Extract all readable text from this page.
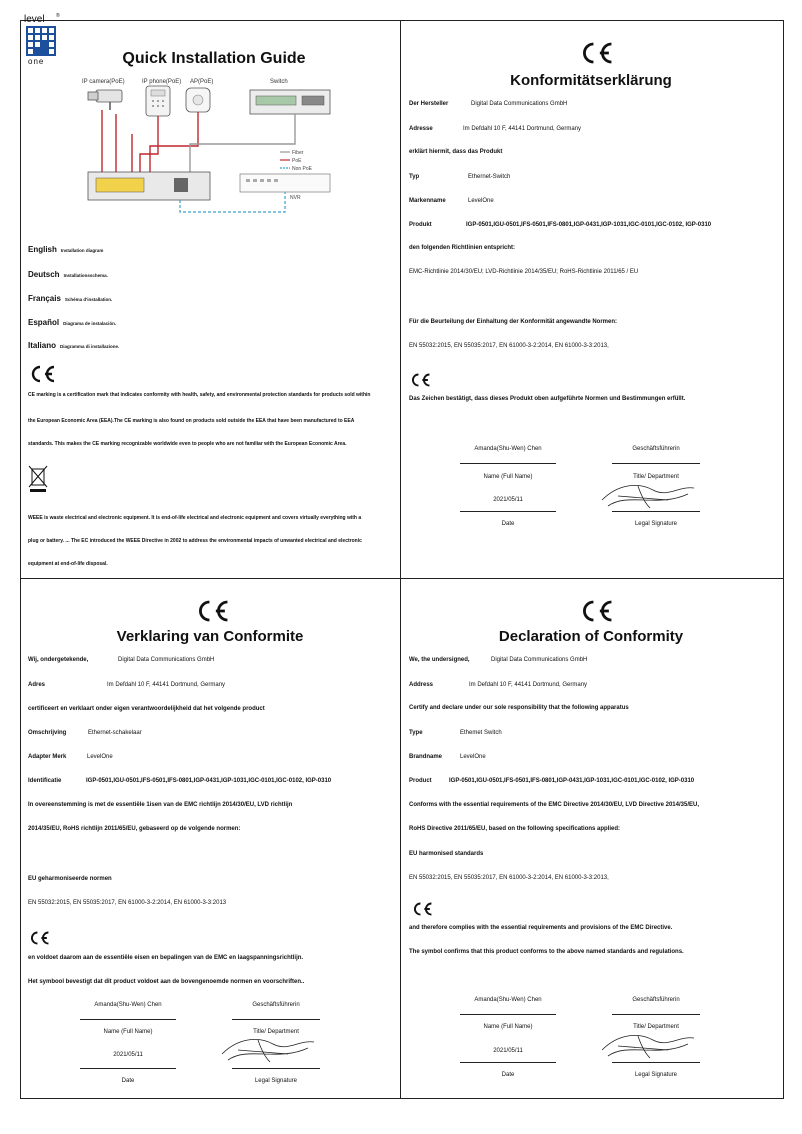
level ®
one	Quick Installation Guide
IP camera(PoE)	IP phone(PoE) AP(PoE)	Switch
Fiber
PoE
Non PoE
NVR
English Installation diagram
Deutsch Installationsschema.
Français Schéma d'installation.
Español Diagrama de instalación.
Italiano Diagramma di installazione.
CE marking is a certification mark that indicates conformity with health, safety, and environmental protection standards for products sold within
the European Economic Area (EEA).The CE marking is also found on products sold outside the EEA that have been manufactured to EEA
standards. This makes the CE marking recognizable worldwide even to people who are not familiar with the European Economic Area.
WEEE is waste electrical and electronic equipment. It is end-of-life electrical and electronic equipment and covers virtually everything with a
plug or battery. ... The EC introduced the WEEE Directive in 2002 to address the environmental impacts of unwanted electrical and electronic
equipment at end-of-life disposal.
Konformitätserklärung
Der Hersteller	Digital Data Communications GmbH
Adresse	Im Defdahl 10 F, 44141 Dortmund, Germany
erklärt hiermit, dass das Produkt
Typ	Ethernet-Switch
Markenname	LevelOne
Produkt	IGP-0501,IGU-0501,IFS-0501,IFS-0801,IGP-0431,IGP-1031,IGC-0101,IGC-0102, IGP-0310
den folgenden Richtlinien entspricht:
EMC-Richtlinie 2014/30/EU; LVD-Richtlinie 2014/35/EU; RoHS-Richtlinie 2011/65 / EU
Für die Beurteilung der Einhaltung der Konformität angewandte Normen:
EN 55032:2015, EN 55035:2017, EN 61000-3-2:2014, EN 61000-3-3:2013,
Das Zeichen bestätigt, dass dieses Produkt oben aufgeführte Normen und Bestimmungen erfüllt.
Amanda(Shu-Wen) Chen
Name (Full Name)
2021/05/11
Date
Geschäftsführerin
Title/ Department
Legal Signature
Verklaring van Conformite
Wij, ondergetekende,	Digital Data Communications GmbH
Adres	Im Defdahl 10 F, 44141 Dortmund, Germany
certificeert en verklaart onder eigen verantwoordelijkheid dat het volgende product
Omschrijving	Ethernet-schakelaar
Adapter Merk	LevelOne
Identificatie	IGP-0501,IGU-0501,IFS-0501,IFS-0801,IGP-0431,IGP-1031,IGC-0101,IGC-0102, IGP-0310
In overeenstemming is met de essentiële 1isen van de EMC richtlijn 2014/30/EU, LVD richtlijn
2014/35/EU, RoHS richtlijn 2011/65/EU, gebaseerd op de volgende normen:
EU geharmoniseerde normen
EN 55032:2015, EN 55035:2017, EN 61000-3-2:2014, EN 61000-3-3:2013
en voldoet daarom aan de essentiële eisen en bepalingen van de EMC en laagspanningsrichtlijn.
Het symbool bevestigt dat dit product voldoet aan de bovengenoemde normen en voorschriften..
Amanda(Shu-Wen) Chen
Name (Full Name)
2021/05/11
Date
Geschäftsführerin
Title/ Department
Legal Signature
Declaration of Conformity
We, the undersigned,	Digital Data Communications GmbH
Address	Im Defdahl 10 F, 44141 Dortmund, Germany
Certify and declare under our sole responsibility that the following apparatus
Type	Ethemet Switch
Brandname	LevelOne
Product	IGP-0501,IGU-0501,IFS-0501,IFS-0801,IGP-0431,IGP-1031,IGC-0101,IGC-0102, IGP-0310
Conforms with the essential requirements of the EMC Directive 2014/30/EU, LVD Directive 2014/35/EU,
RoHS Directive 2011/65/EU, based on the following specifications applied:
EU harmonised standards
EN 55032:2015, EN 55035:2017, EN 61000-3-2:2014, EN 61000-3-3:2013,
and therefore complies with the essential requirements and provisions of the EMC Directive.
The symbol confirms that this product conforms to the above named standards and regulations.
Amanda(Shu-Wen) Chen
Name (Full Name)
2021/05/11
Date
Geschäftsführerin
Title/ Department
Legal Signature
